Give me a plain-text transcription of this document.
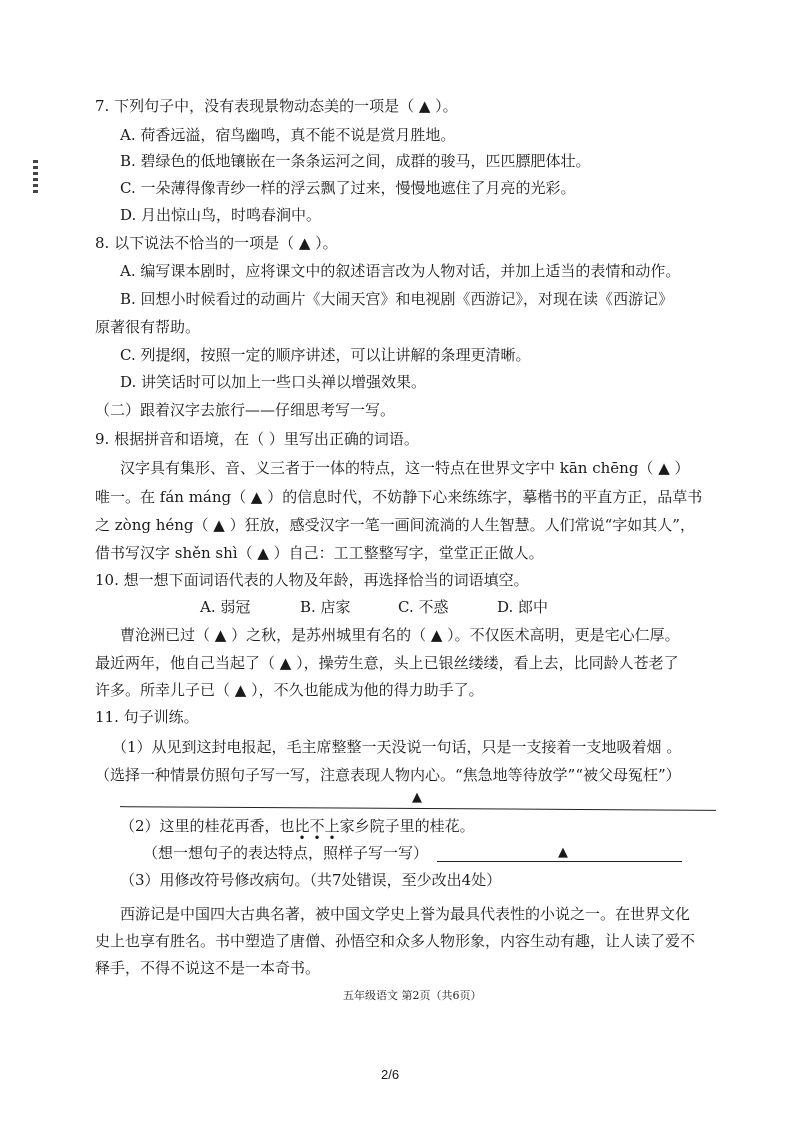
7. 下列句子中，没有表现景物动态美的一项是（ ▲ ）。
A. 荷香远溢，宿鸟幽鸣，真不能不说是赏月胜地。
B. 碧绿色的低地镶嵌在一条条运河之间，成群的骏马，匹匹膘肥体壮。
C. 一朵薄得像青纱一样的浮云飘了过来，慢慢地遮住了月亮的光彩。
D. 月出惊山鸟，时鸣春涧中。
8. 以下说法不恰当的一项是（ ▲ ）。
A. 编写课本剧时，应将课文中的叙述语言改为人物对话，并加上适当的表情和动作。
B. 回想小时候看过的动画片《大闹天宫》和电视剧《西游记》，对现在读《西游记》
原著很有帮助。
C. 列提纲，按照一定的顺序讲述，可以让讲解的条理更清晰。
D. 讲笑话时可以加上一些口头禅以增强效果。
（二）跟着汉字去旅行——仔细思考写一写。
9. 根据拼音和语境，在（ ）里写出正确的词语。
汉字具有集形、音、义三者于一体的特点，这一特点在世界文字中 kān chēng（ ▲ ）
唯一。在 fán máng（ ▲ ）的信息时代，不妨静下心来练练字，摹楷书的平直方正，品草书
之 zòng héng（ ▲ ）狂放，感受汉字一笔一画间流淌的人生智慧。人们常说“字如其人”，
借书写汉字 shěn shì（ ▲ ）自己：工工整整写字，堂堂正正做人。
10. 想一想下面词语代表的人物及年龄，再选择恰当的词语填空。
A. 弱冠	B. 店家	C. 不惑	D. 郎中
曹沧洲已过（ ▲ ）之秋，是苏州城里有名的（ ▲ ）。不仅医术高明，更是宅心仁厚。
最近两年，他自己当起了（ ▲ ），操劳生意，头上已银丝缕缕，看上去，比同龄人苍老了
许多。所幸儿子已（ ▲ ），不久也能成为他的得力助手了。
11. 句子训练。
（1）从见到这封电报起，毛主席整整一天没说一句话，只是一支接着一支地吸着烟 。
（选择一种情景仿照句子写一写，注意表现人物内心。“焦急地等待放学”“被父母冤枉”）
▲
（2）这里的桂花再香，也比不上家乡院子里的桂花。
（想一想句子的表达特点，照样子写一写）	▲
（3）用修改符号修改病句。（共7处错误，至少改出4处）
西游记是中国四大古典名著，被中国文学史上誉为最具代表性的小说之一。在世界文化
史上也享有胜名。书中塑造了唐僧、孙悟空和众多人物形象，内容生动有趣，让人读了爱不
释手，不得不说这不是一本奇书。
五年级语文 第2页（共6页）
2/6
